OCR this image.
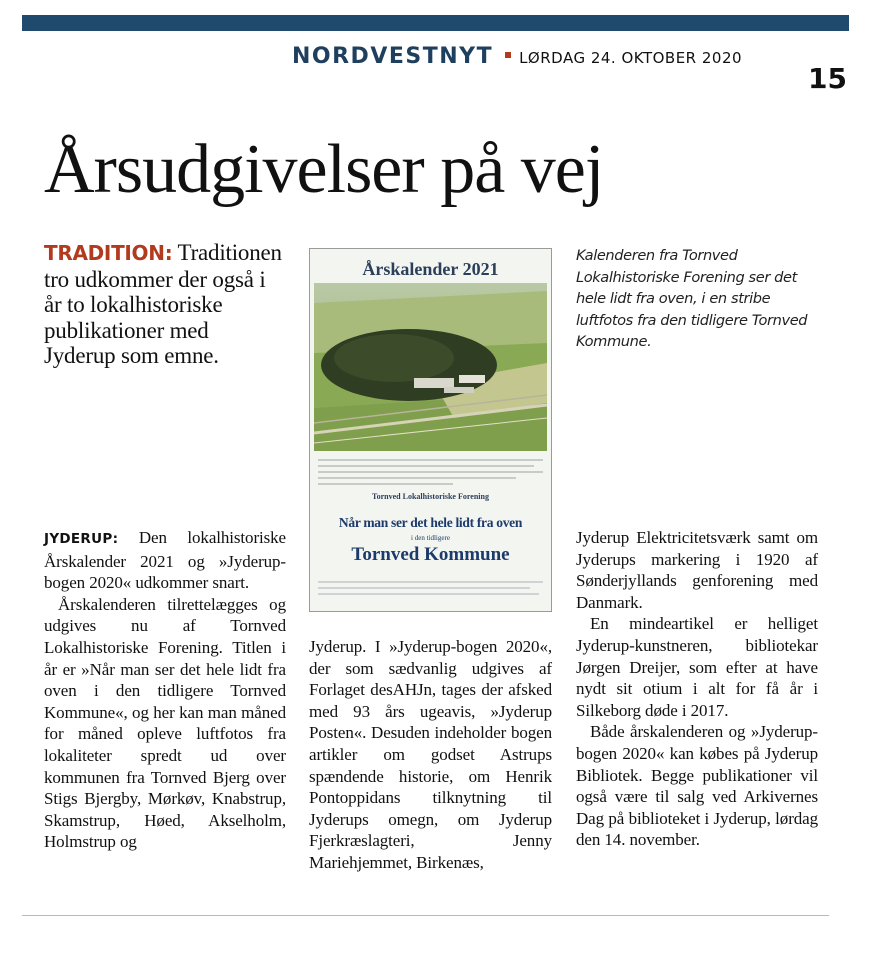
NORDVESTNYT LØRDAG 24. OKTOBER 2020
15
Årsudgivelser på vej

TRADITION: Traditionen tro udkommer der også i år to lokalhistoriske publikationer med Jyderup som emne.

Kalenderen fra Tornved Lokalhistoriske Forening ser det hele lidt fra oven, i en stribe luftfotos fra den tidligere Tornved Kommune.

Årskalender 2021
Tornved Lokalhistoriske Forening
Når man ser det hele lidt fra oven
i den tidligere
Tornved Kommune

JYDERUP: Den lokalhistoriske Årskalender 2021 og »Jyderup-bogen 2020« udkommer snart.

Årskalenderen tilrettelægges og udgives nu af Tornved Lokalhistoriske Forening. Titlen i år er »Når man ser det hele lidt fra oven i den tidligere Tornved Kommune«, og her kan man måned for måned opleve luftfotos fra lokaliteter spredt ud over kommunen fra Tornved Bjerg over Stigs Bjergby, Mørkøv, Knabstrup, Skamstrup, Høed, Akselholm, Holmstrup og

Jyderup. I »Jyderup-bogen 2020«, der som sædvanlig udgives af Forlaget desAHJn, tages der afsked med 93 års ugeavis, »Jyderup Posten«. Desuden indeholder bogen artikler om godset Astrups spændende historie, om Henrik Pontoppidans tilknytning til Jyderups omegn, om Jyderup Fjerkræslagteri, Jenny Mariehjemmet, Birkenæs,

Jyderup Elektricitetsværk samt om Jyderups markering i 1920 af Sønderjyllands genforening med Danmark.

En mindeartikel er helliget Jyderup-kunstneren, bibliotekar Jørgen Dreijer, som efter at have nydt sit otium i alt for få år i Silkeborg døde i 2017.

Både årskalenderen og »Jyderup-bogen 2020« kan købes på Jyderup Bibliotek. Begge publikationer vil også være til salg ved Arkivernes Dag på biblioteket i Jyderup, lørdag den 14. november.
